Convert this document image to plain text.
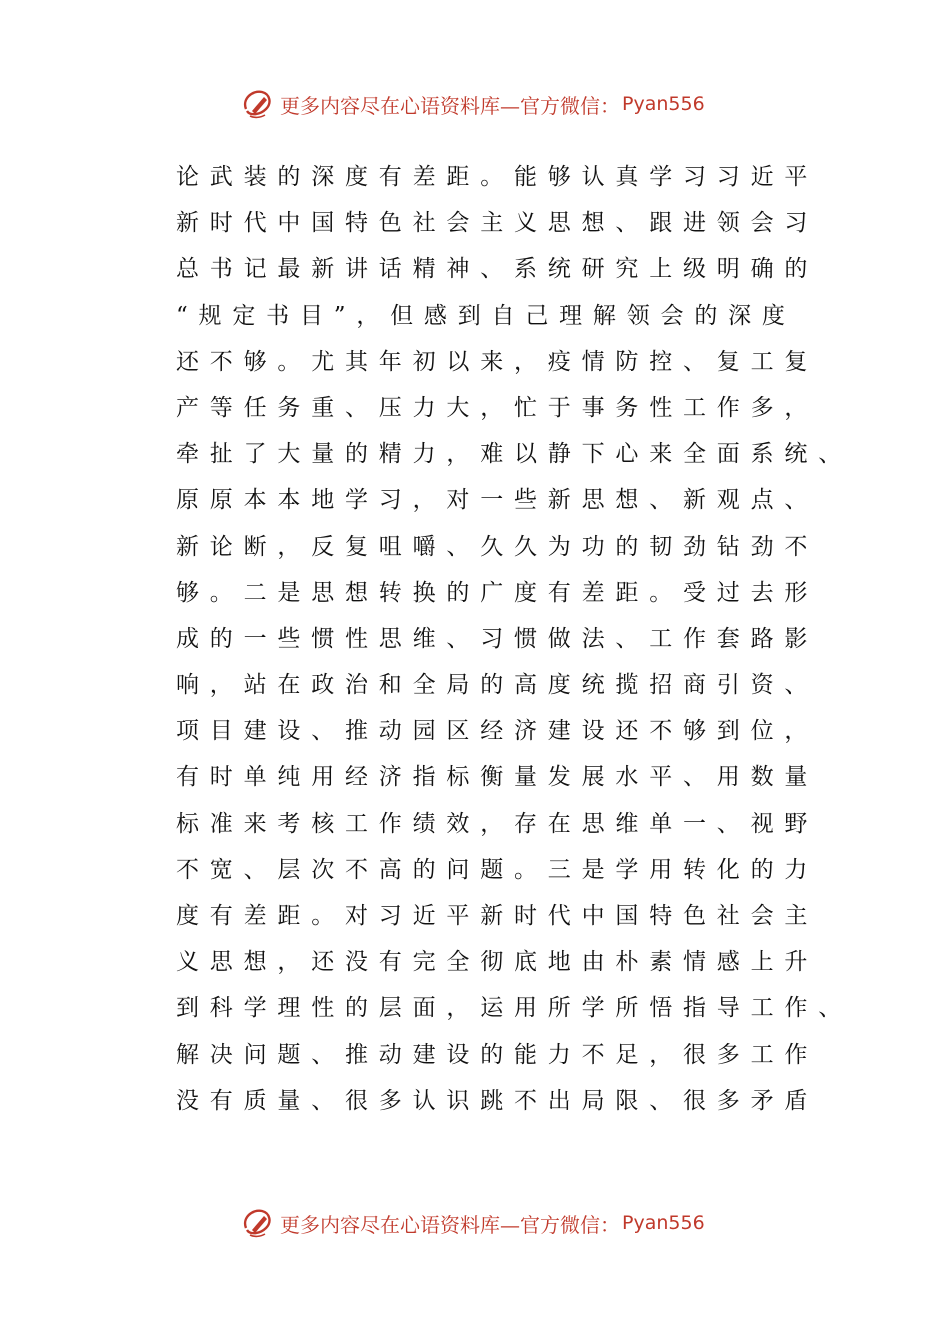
更多内容尽在心语资料库—官方微信： Pyan556
论武装的深度有差距。能够认真学习习近平
新时代中国特色社会主义思想、跟进领会习
总书记最新讲话精神、系统研究上级明确的
“规定书目”，但感到自己理解领会的深度
还不够。尤其年初以来，疫情防控、复工复
产等任务重、压力大，忙于事务性工作多，
牵扯了大量的精力，难以静下心来全面系统、
原原本本地学习，对一些新思想、新观点、
新论断，反复咀嚼、久久为功的韧劲钻劲不
够。二是思想转换的广度有差距。受过去形
成的一些惯性思维、习惯做法、工作套路影
响，站在政治和全局的高度统揽招商引资、
项目建设、推动园区经济建设还不够到位，
有时单纯用经济指标衡量发展水平、用数量
标准来考核工作绩效，存在思维单一、视野
不宽、层次不高的问题。三是学用转化的力
度有差距。对习近平新时代中国特色社会主
义思想，还没有完全彻底地由朴素情感上升
到科学理性的层面，运用所学所悟指导工作、
解决问题、推动建设的能力不足，很多工作
没有质量、很多认识跳不出局限、很多矛盾
更多内容尽在心语资料库—官方微信： Pyan556
